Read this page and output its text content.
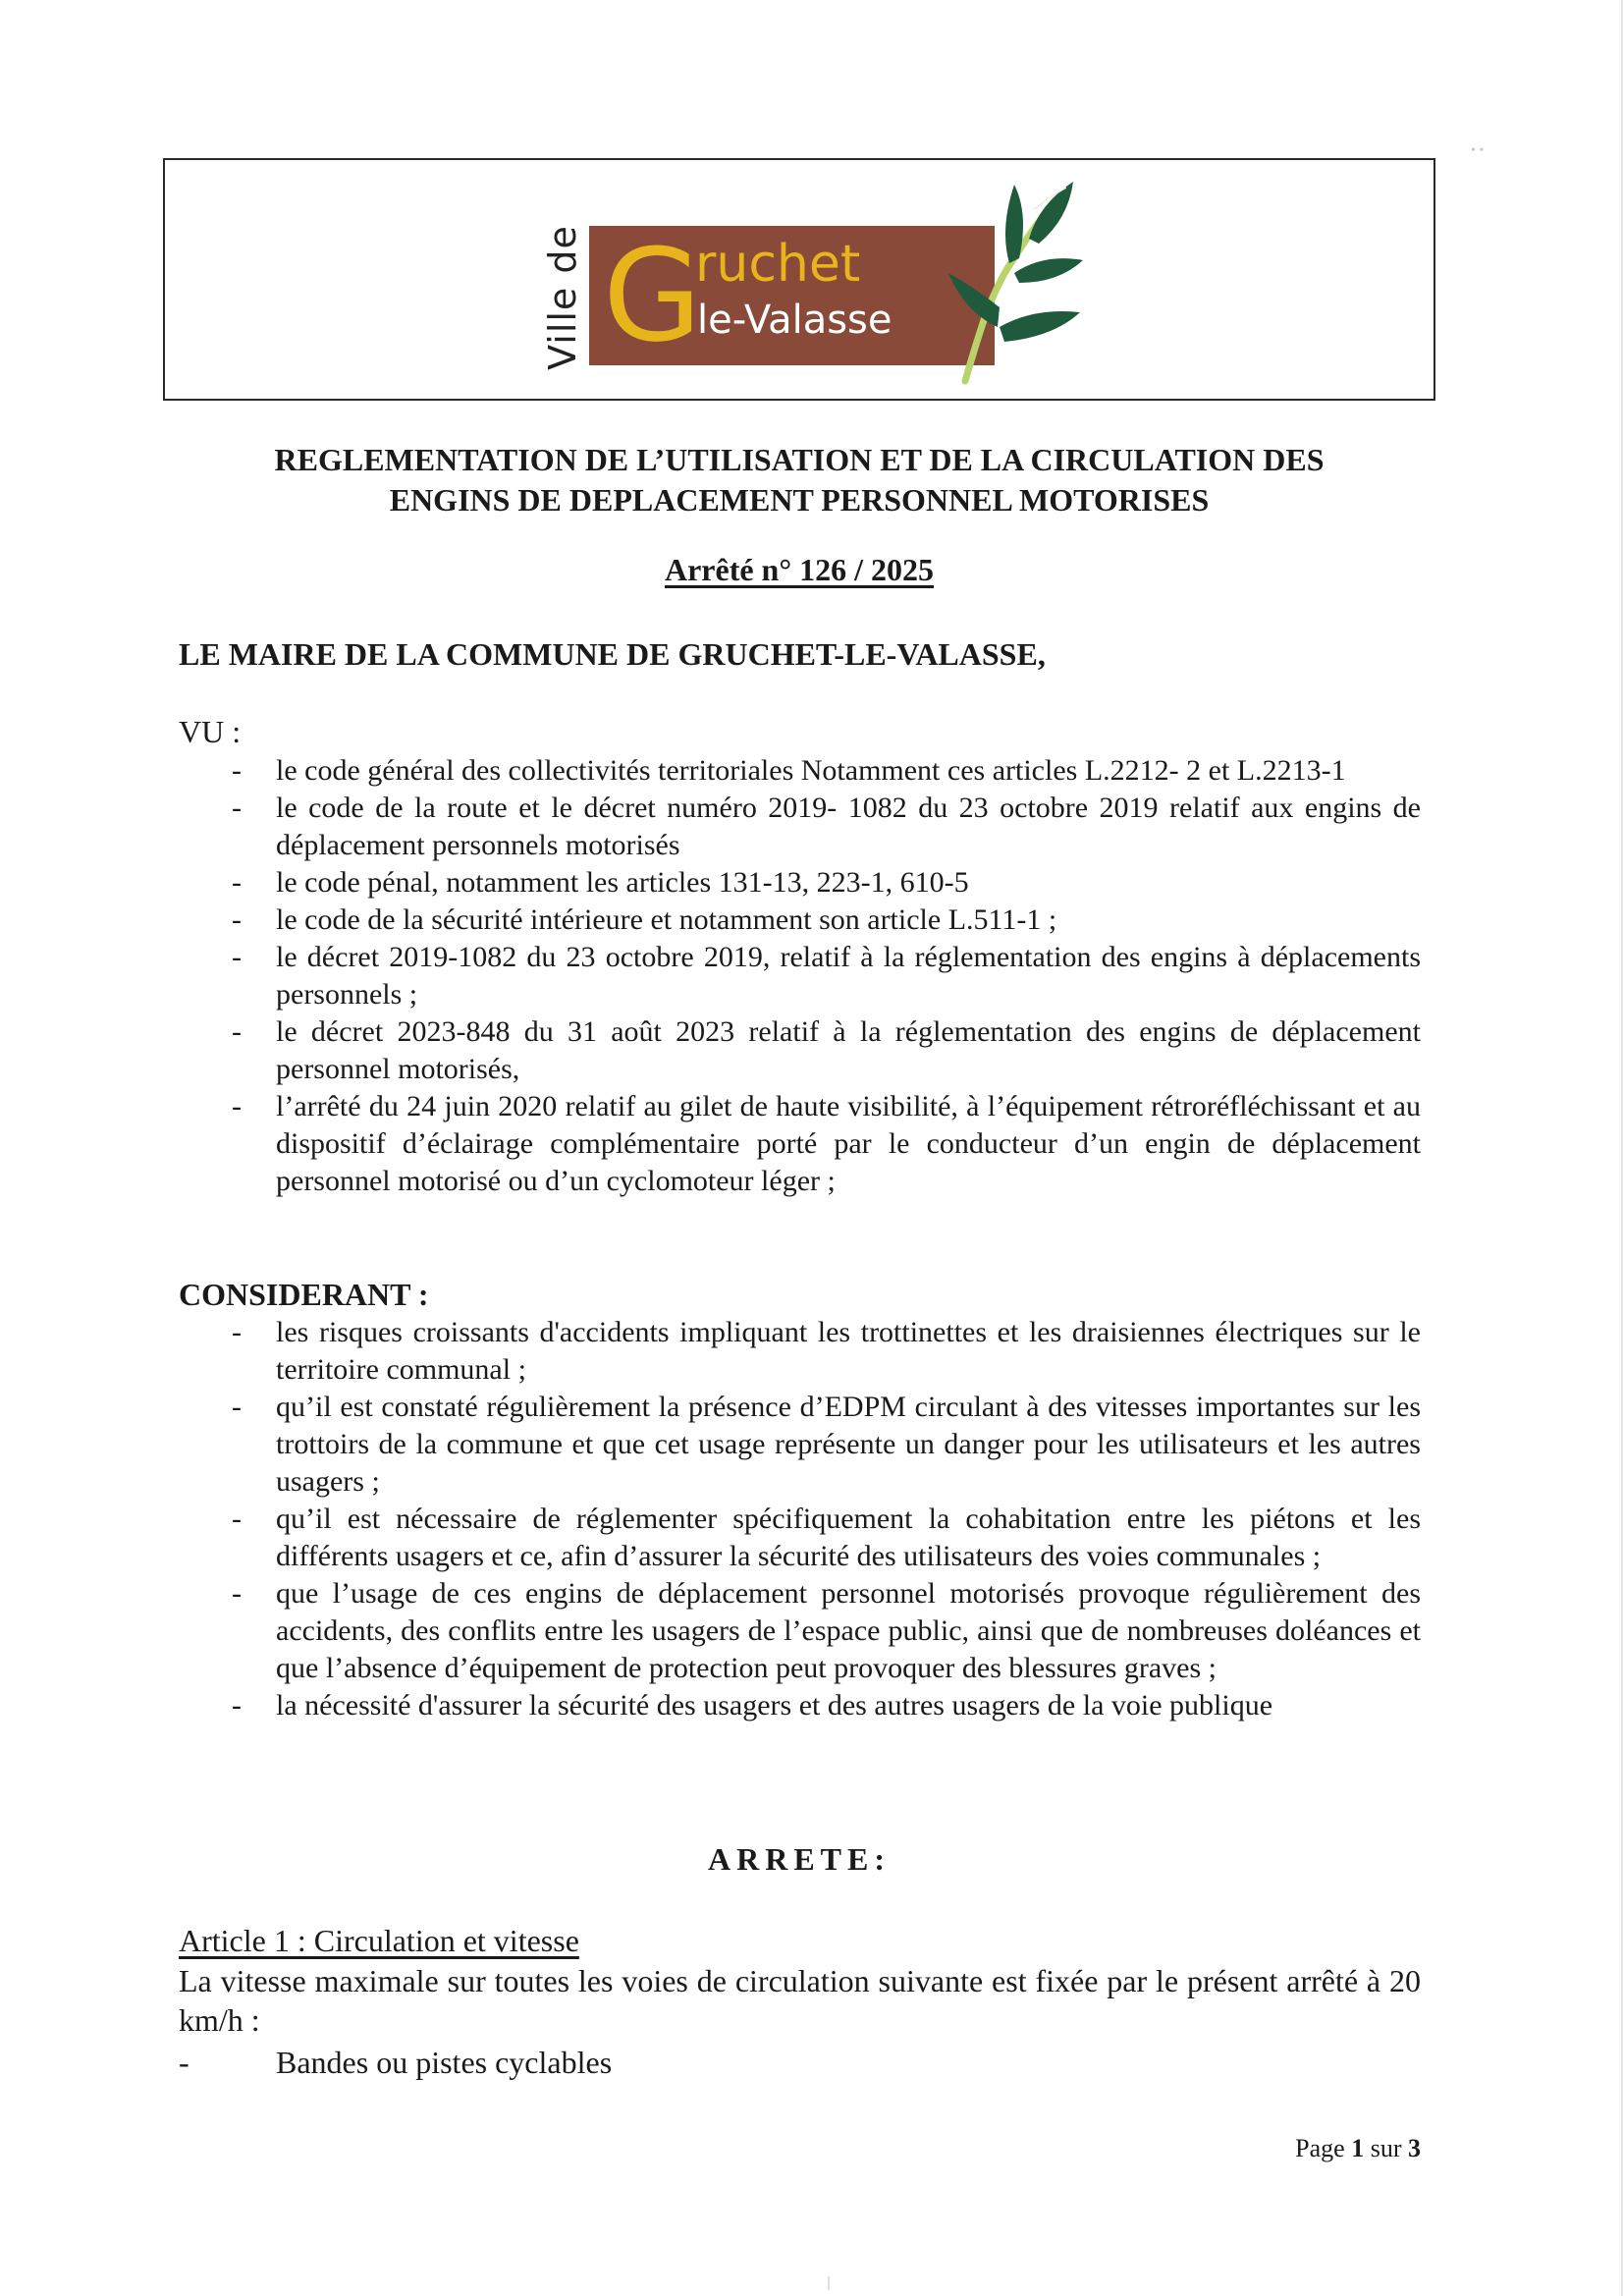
• •
Ville de G
ruchet
le-Valasse
REGLEMENTATION DE L’UTILISATION ET DE LA CIRCULATION DES
ENGINS DE DEPLACEMENT PERSONNEL MOTORISES
Arrêté n° 126 / 2025
LE MAIRE DE LA COMMUNE DE GRUCHET-LE-VALASSE,
VU :
- le code général des collectivités territoriales Notamment ces articles L.2212- 2 et L.2213-1
- le code de la route et le décret numéro 2019- 1082 du 23 octobre 2019 relatif aux engins de déplacement personnels motorisés
- le code pénal, notamment les articles 131-13, 223-1, 610-5
- le code de la sécurité intérieure et notamment son article L.511-1 ;
- le décret 2019-1082 du 23 octobre 2019, relatif à la réglementation des engins à déplacements personnels ;
- le décret 2023-848 du 31 août 2023 relatif à la réglementation des engins de déplacement personnel motorisés,
- l’arrêté du 24 juin 2020 relatif au gilet de haute visibilité, à l’équipement rétroréfléchissant et au dispositif d’éclairage complémentaire porté par le conducteur d’un engin de déplacement personnel motorisé ou d’un cyclomoteur léger ;
CONSIDERANT :
- les risques croissants d'accidents impliquant les trottinettes et les draisiennes électriques sur le territoire communal ;
- qu’il est constaté régulièrement la présence d’EDPM circulant à des vitesses importantes sur les trottoirs de la commune et que cet usage représente un danger pour les utilisateurs et les autres usagers ;
- qu’il est nécessaire de réglementer spécifiquement la cohabitation entre les piétons et les différents usagers et ce, afin d’assurer la sécurité des utilisateurs des voies communales ;
- que l’usage de ces engins de déplacement personnel motorisés provoque régulièrement des accidents, des conflits entre les usagers de l’espace public, ainsi que de nombreuses doléances et que l’absence d’équipement de protection peut provoquer des blessures graves ;
- la nécessité d'assurer la sécurité des usagers et des autres usagers de la voie publique
ARRETE:
Article 1 : Circulation et vitesse
La vitesse maximale sur toutes les voies de circulation suivante est fixée par le présent arrêté à 20 km/h :
-	Bandes ou pistes cyclables
Page 1 sur 3
